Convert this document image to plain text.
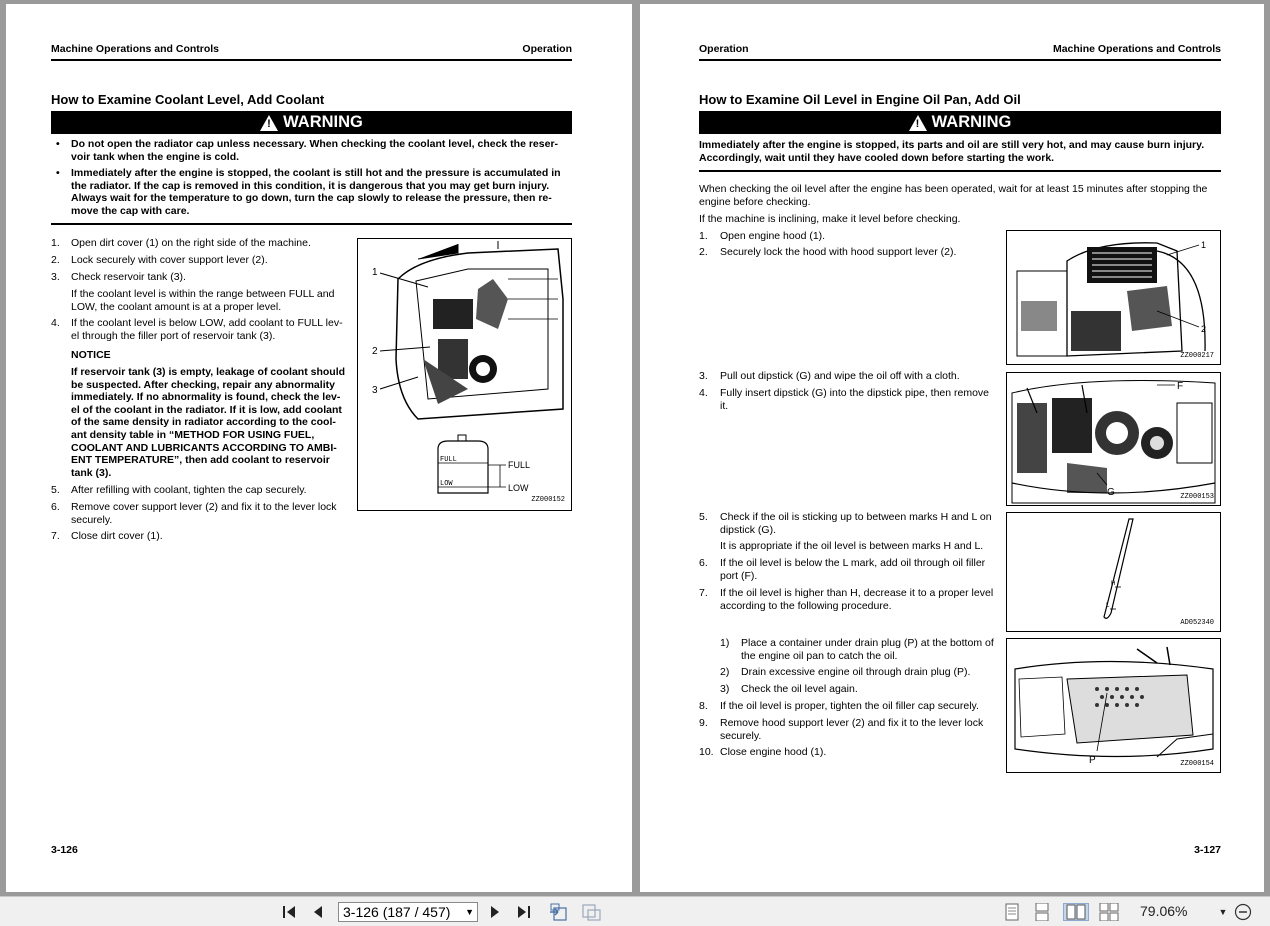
Machine Operations and Controls	Operation
How to Examine Coolant Level, Add Coolant
! WARNING
• Do not open the radiator cap unless necessary. When checking the coolant level, check the reser-
voir tank when the engine is cold.
• Immediately after the engine is stopped, the coolant is still hot and the pressure is accumulated in
the radiator. If the cap is removed in this condition, it is dangerous that you may get burn injury.
Always wait for the temperature to go down, turn the cap slowly to release the pressure, then re-
move the cap with care.
1. Open dirt cover (1) on the right side of the machine.
2. Lock securely with cover support lever (2).
3. Check reservoir tank (3).
If the coolant level is within the range between FULL and
LOW, the coolant amount is at a proper level.
4. If the coolant level is below LOW, add coolant to FULL lev-
el through the filler port of reservoir tank (3).
NOTICE
If reservoir tank (3) is empty, leakage of coolant should
be suspected. After checking, repair any abnormality
immediately. If no abnormality is found, check the lev-
el of the coolant in the radiator. If it is low, add coolant
of the same density in radiator according to the cool-
ant density table in “METHOD FOR USING FUEL,
COOLANT AND LUBRICANTS ACCORDING TO AMBI-
ENT TEMPERATURE”, then add coolant to reservoir
tank (3).
5. After refilling with coolant, tighten the cap securely.
6. Remove cover support lever (2) and fix it to the lever lock
securely.
7. Close dirt cover (1).
1
2
3
FULL
LOW
FULL
LOW
ZZ000152
3-126
Operation	Machine Operations and Controls
How to Examine Oil Level in Engine Oil Pan, Add Oil
! WARNING
Immediately after the engine is stopped, its parts and oil are still very hot, and may cause burn injury.
Accordingly, wait until they have cooled down before starting the work.
When checking the oil level after the engine has been operated, wait for at least 15 minutes after stopping the
engine before checking.
If the machine is inclining, make it level before checking.
1. Open engine hood (1).
2. Securely lock the hood with hood support lever (2).
3. Pull out dipstick (G) and wipe the oil off with a cloth.
4. Fully insert dipstick (G) into the dipstick pipe, then remove
it.
5. Check if the oil is sticking up to between marks H and L on
dipstick (G).
It is appropriate if the oil level is between marks H and L.
6. If the oil level is below the L mark, add oil through oil filler
port (F).
7. If the oil level is higher than H, decrease it to a proper level
according to the following procedure.
1) Place a container under drain plug (P) at the bottom of
the engine oil pan to catch the oil.
2) Drain excessive engine oil through drain plug (P).
3) Check the oil level again.
8. If the oil level is proper, tighten the oil filler cap securely.
9. Remove hood support lever (2) and fix it to the lever lock
securely.
10. Close engine hood (1).
1
2
ZZ000217
F
G	ZZ000153
H
L
AD052340
P	ZZ000154
3-127
3-126 (187 / 457) ▼	79.06%	▼
